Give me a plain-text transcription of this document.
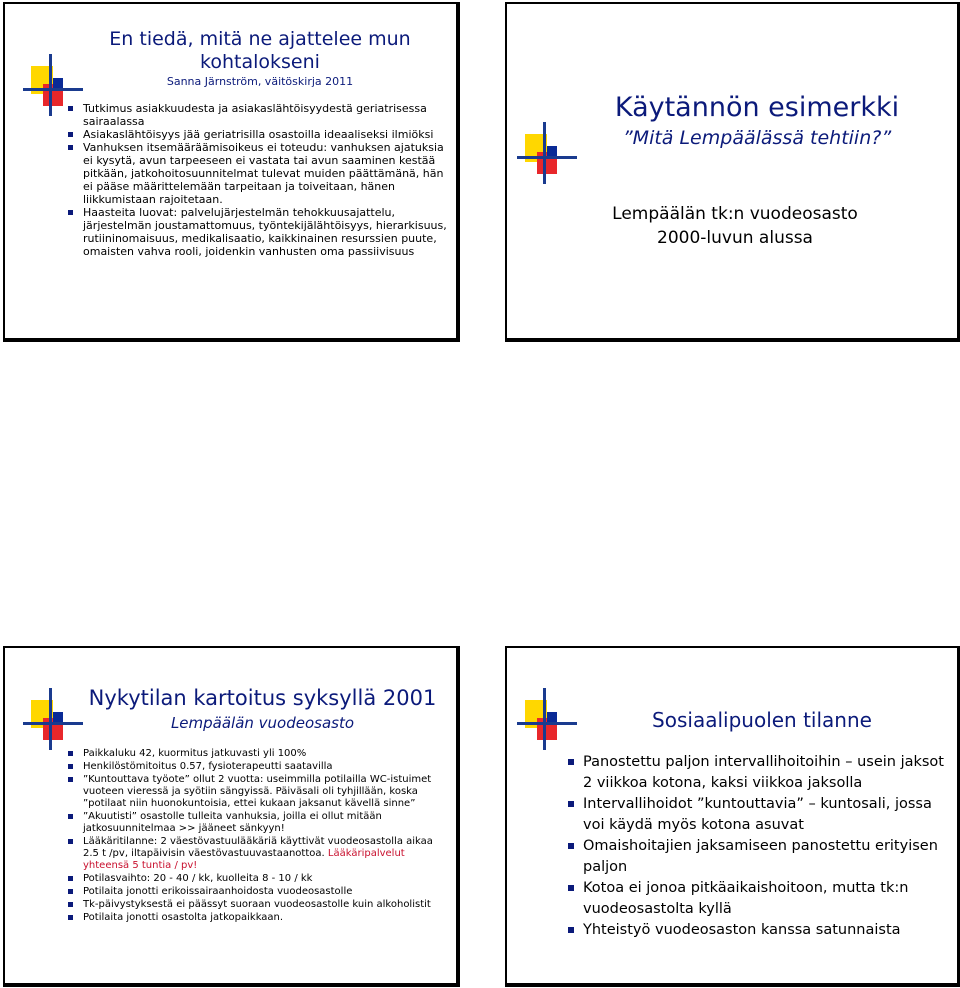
En tiedä, mitä ne ajattelee mun
kohtalokseni
Sanna Järnström, väitöskirja 2011
Tutkimus asiakkuudesta ja asiakaslähtöisyydestä geriatrisessa sairaalassa
Asiakaslähtöisyys jää geriatrisilla osastoilla ideaaliseksi ilmiöksi
Vanhuksen itsemääräämisoikeus ei toteudu: vanhuksen ajatuksia ei kysytä, avun tarpeeseen ei vastata tai avun saaminen kestää pitkään, jatkohoitosuunnitelmat tulevat muiden päättämänä, hän ei pääse määrittelemään tarpeitaan ja toiveitaan, hänen liikkumistaan rajoitetaan.
Haasteita luovat: palvelujärjestelmän tehokkuusajattelu, järjestelmän joustamattomuus, työntekijälähtöisyys, hierarkisuus, rutiininomaisuus, medikalisaatio, kaikkinainen resurssien puute, omaisten vahva rooli, joidenkin vanhusten oma passiivisuus
Käytännön esimerkki
”Mitä Lempäälässä tehtiin?”
Lempäälän tk:n vuodeosasto
2000-luvun alussa
Nykytilan kartoitus syksyllä 2001
Lempäälän vuodeosasto
Paikkaluku 42, kuormitus jatkuvasti yli 100%
Henkilöstömitoitus 0.57, fysioterapeutti saatavilla
”Kuntouttava työote” ollut 2 vuotta: useimmilla potilailla WC-istuimet vuoteen vieressä ja syötiin sängyissä. Päiväsali oli tyhjillään, koska ”potilaat niin huonokuntoisia, ettei kukaan jaksanut kävellä sinne”
”Akuutisti” osastolle tulleita vanhuksia, joilla ei ollut mitään jatkosuunnitelmaa >> jääneet sänkyyn!
Lääkäritilanne: 2 väestövastuulääkäriä käyttivät vuodeosastolla aikaa 2.5 t /pv, iltapäivisin väestövastuuvastaanottoa. Lääkäripalvelut yhteensä 5 tuntia / pv!
Potilasvaihto: 20 - 40 / kk, kuolleita 8 - 10 / kk
Potilaita jonotti erikoissairaanhoidosta vuodeosastolle
Tk-päivystyksestä ei päässyt suoraan vuodeosastolle kuin alkoholistit
Potilaita jonotti osastolta jatkopaikkaan.
Sosiaalipuolen tilanne
Panostettu paljon intervallihoitoihin – usein jaksot 2 viikkoa kotona, kaksi viikkoa jaksolla
Intervallihoidot ”kuntouttavia” – kuntosali, jossa voi käydä myös kotona asuvat
Omaishoitajien jaksamiseen panostettu erityisen paljon
Kotoa ei jonoa pitkäaikaishoitoon, mutta tk:n vuodeosastolta kyllä
Yhteistyö vuodeosaston kanssa satunnaista
